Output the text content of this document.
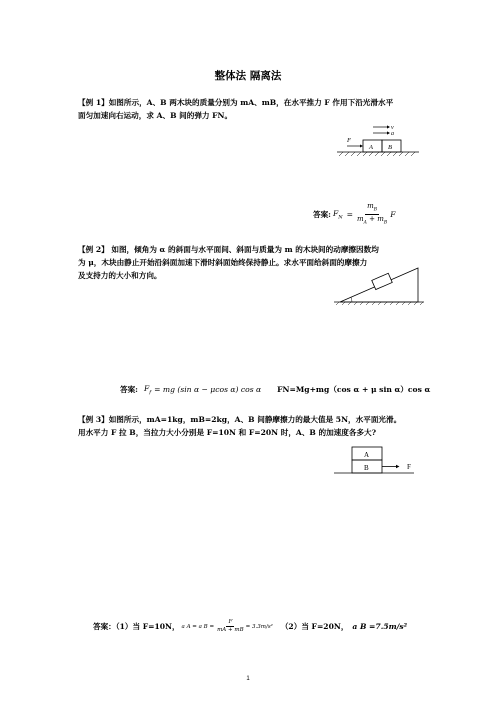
整体法 隔离法
【例 1】如图所示，A、B 两木块的质量分别为 mA、mB，在水平推力 F 作用下沿光滑水平
面匀加速向右运动，求 A、B 间的弹力 FN。
v
a
F
A B
答案: $F_N = \frac{m_B}{m_A + m_B}$ F
【例 2】 如图，倾角为 α 的斜面与水平面间、斜面与质量为 m 的木块间的动摩擦因数均
为 μ，木块由静止开始沿斜面加速下滑时斜面始终保持静止。求水平面给斜面的摩擦力
及支持力的大小和方向。
答案: $F_f$ = mg (sin α − μcos α) cos α FN=Mg+mg（cos α + μ sin α）cos α
【例 3】如图所示，mA=1kg，mB=2kg，A、B 间静摩擦力的最大值是 5N，水平面光滑。
用水平力 F 拉 B，当拉力大小分别是 F=10N 和 F=20N 时，A、B 的加速度各多大?
A
B	F
答案：（1）当 F=10N， a A = a $B = \frac{F}{mA + mB} = 3.3m/s^2$ （2）当 F=20N， a B =7.5m/s²
1
